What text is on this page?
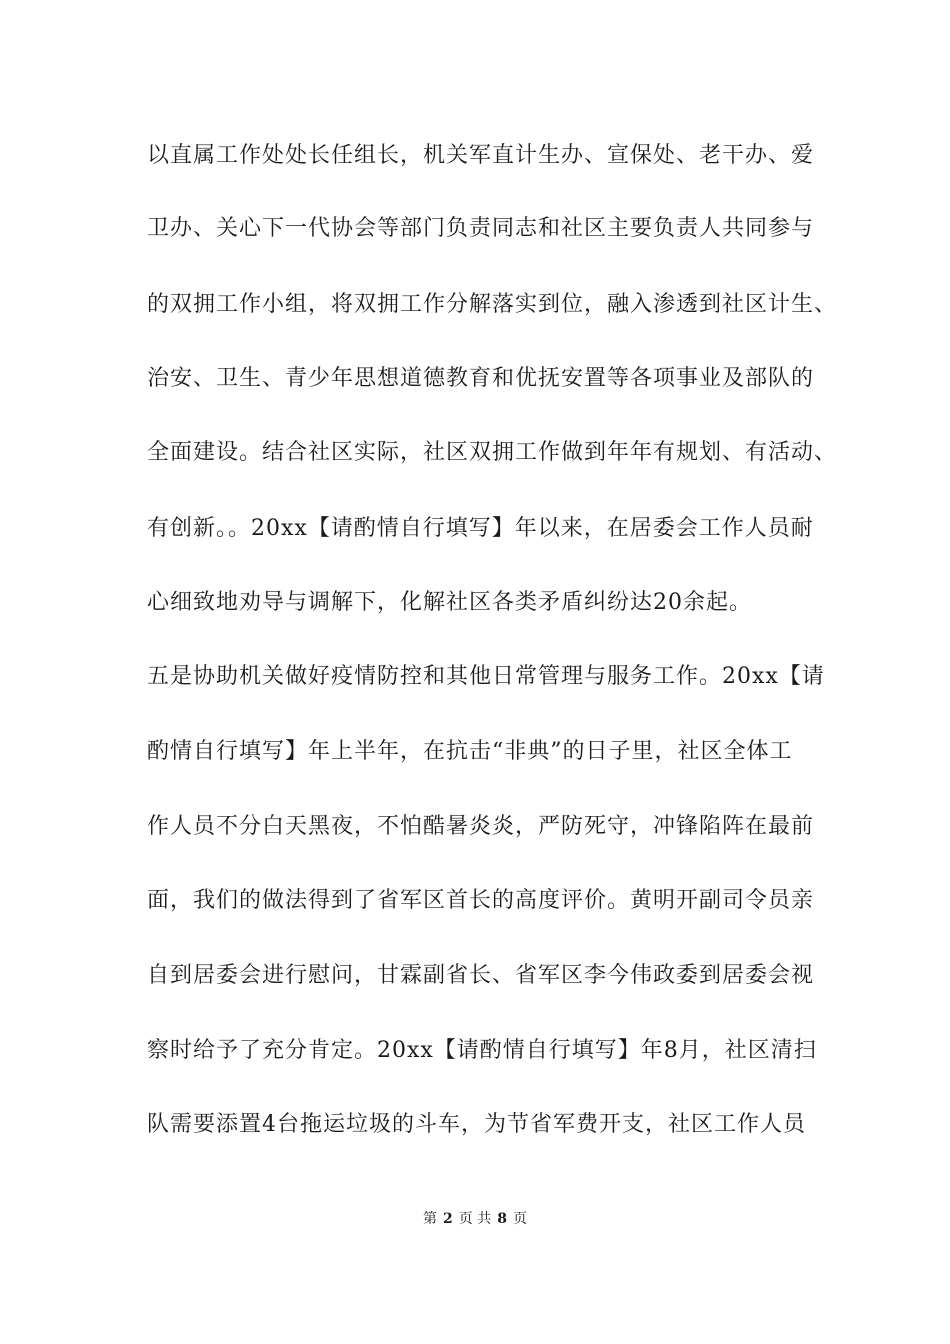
以直属工作处处长任组长，机关军直计生办、宣保处、老干办、爱
卫办、关心下一代协会等部门负责同志和社区主要负责人共同参与
的双拥工作小组，将双拥工作分解落实到位，融入渗透到社区计生、
治安、卫生、青少年思想道德教育和优抚安置等各项事业及部队的
全面建设。结合社区实际，社区双拥工作做到年年有规划、有活动、
有创新。。20xx【请酌情自行填写】年以来，在居委会工作人员耐
心细致地劝导与调解下，化解社区各类矛盾纠纷达20余起。
五是协助机关做好疫情防控和其他日常管理与服务工作。20xx【请
酌情自行填写】年上半年，在抗击“非典”的日子里，社区全体工
作人员不分白天黑夜，不怕酷暑炎炎，严防死守，冲锋陷阵在最前
面，我们的做法得到了省军区首长的高度评价。黄明开副司令员亲
自到居委会进行慰问，甘霖副省长、省军区李今伟政委到居委会视
察时给予了充分肯定。20xx【请酌情自行填写】年8月，社区清扫
队需要添置4台拖运垃圾的斗车，为节省军费开支，社区工作人员
第 2 页 共 8 页
